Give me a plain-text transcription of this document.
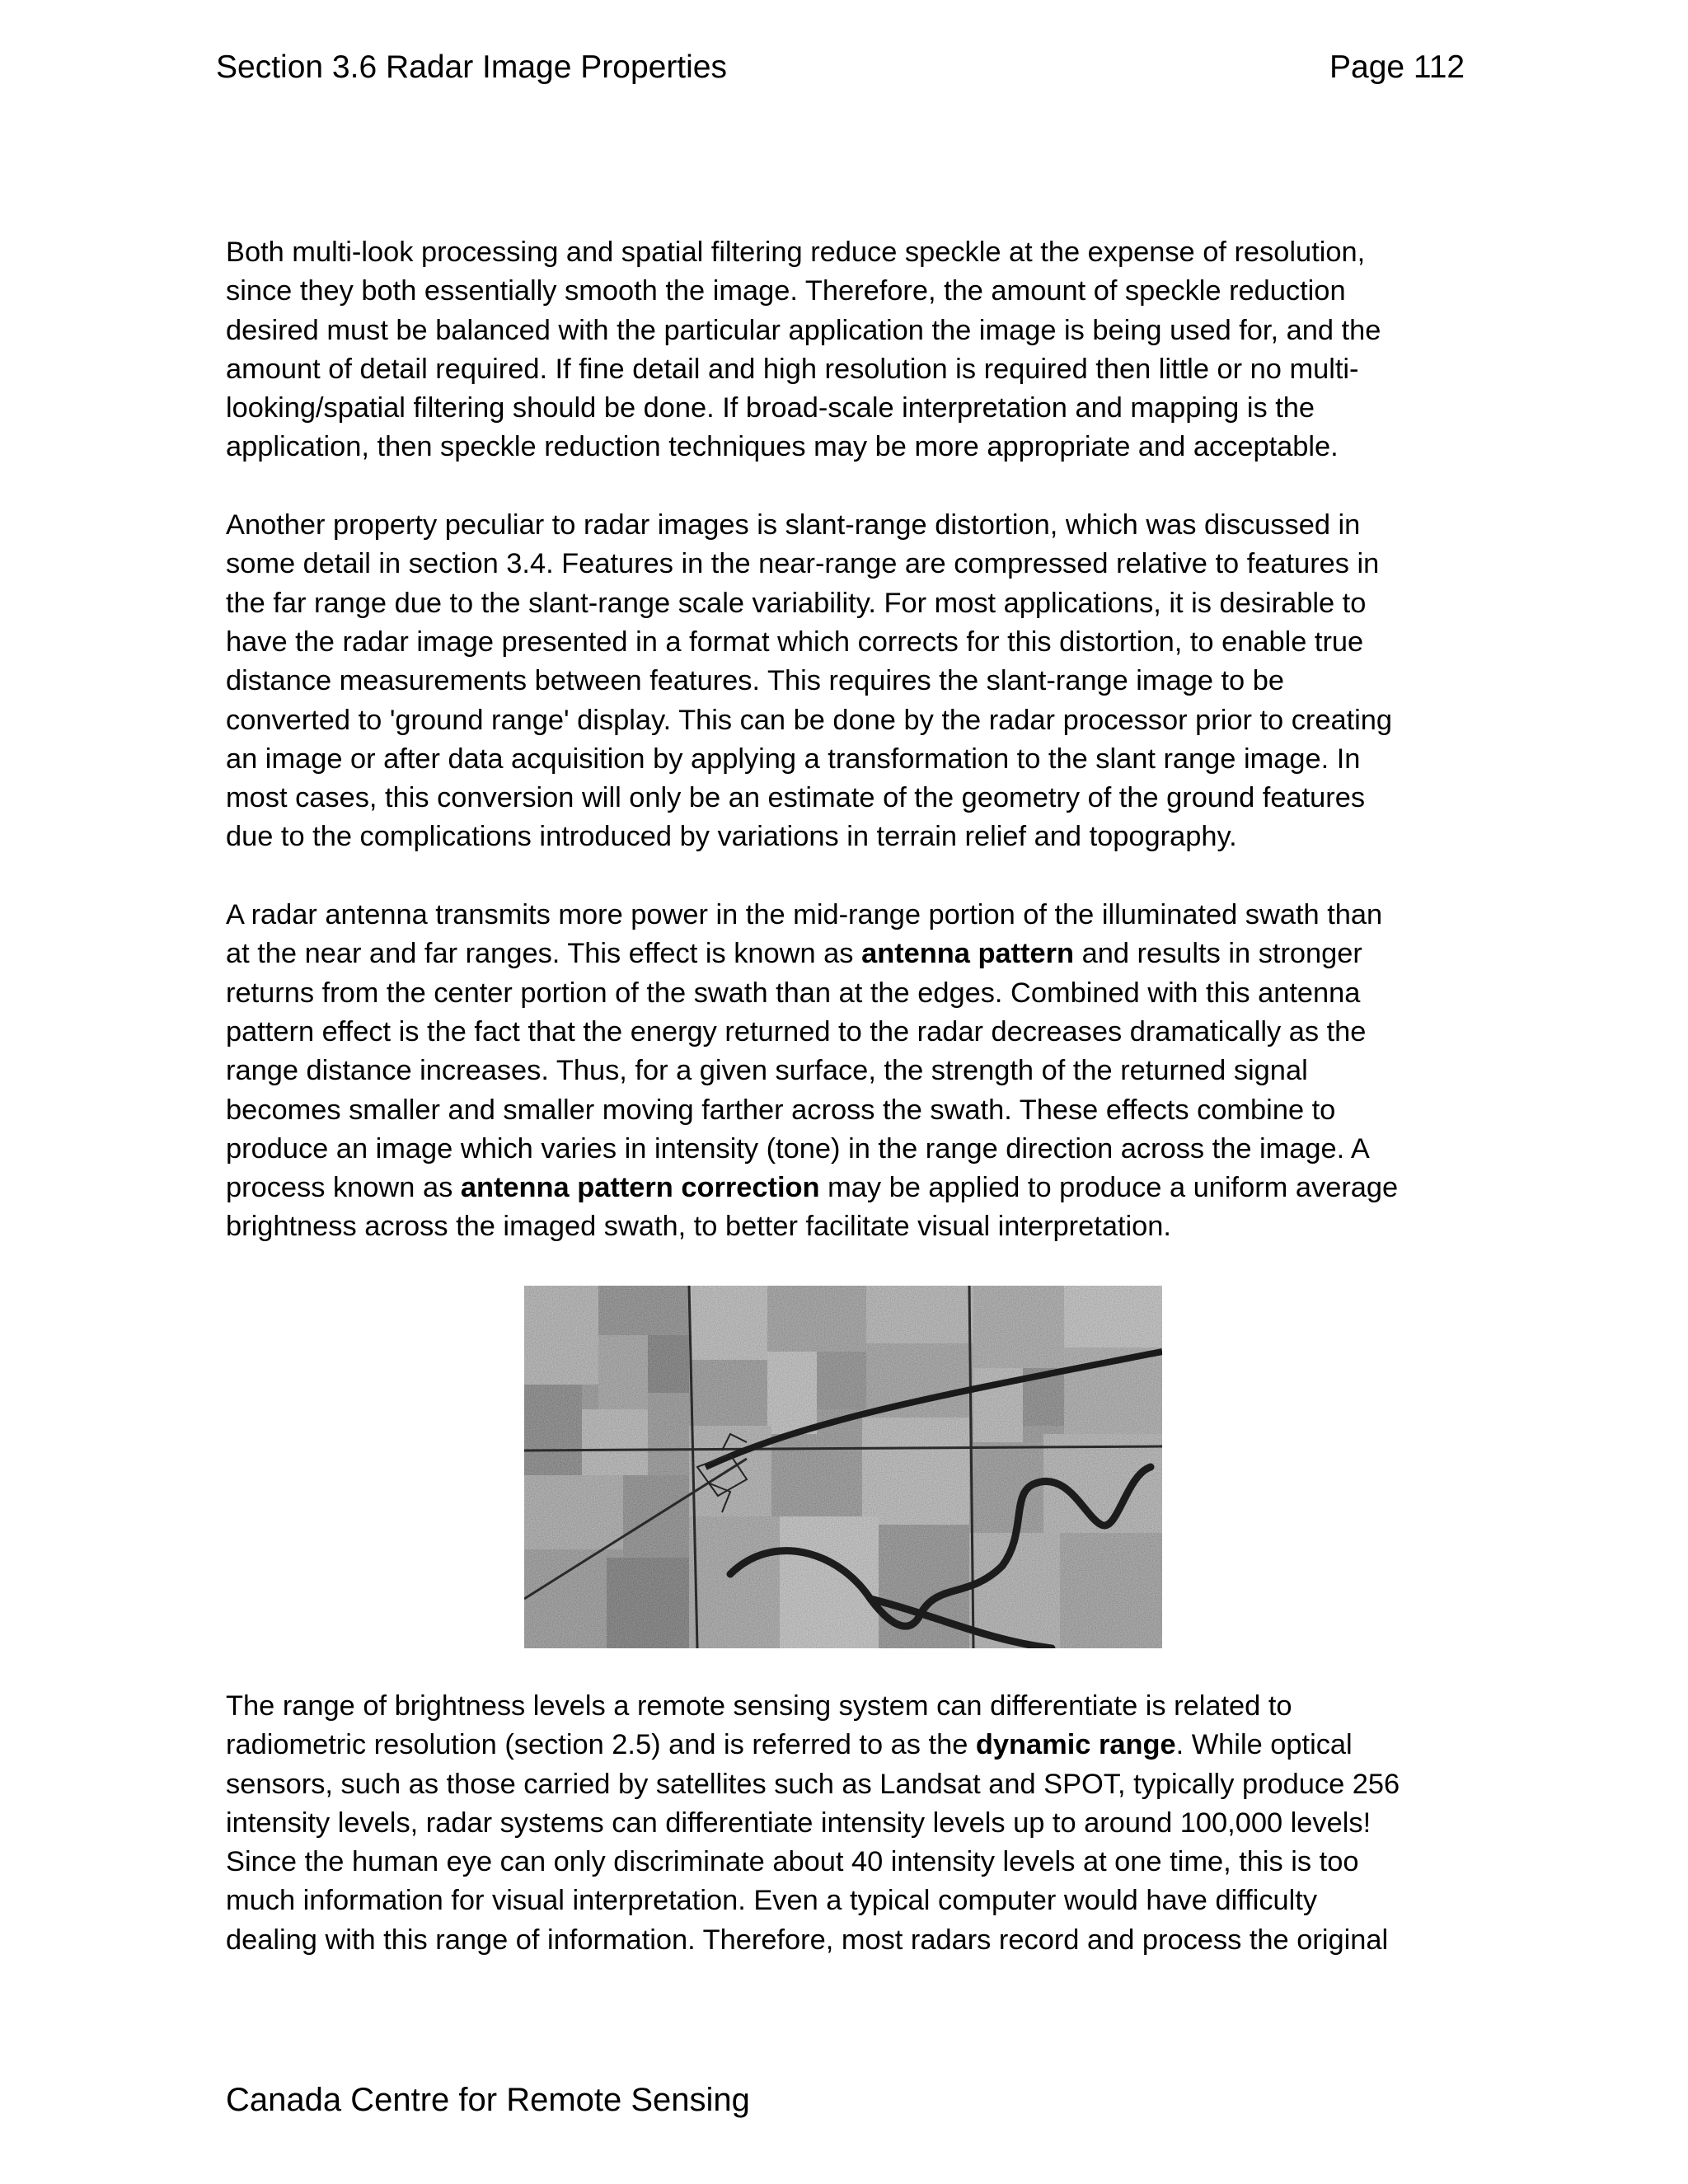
Section 3.6 Radar Image Properties	Page 112

Both multi-look processing and spatial filtering reduce speckle at the expense of resolution,
since they both essentially smooth the image. Therefore, the amount of speckle reduction
desired must be balanced with the particular application the image is being used for, and the
amount of detail required. If fine detail and high resolution is required then little or no multi-
looking/spatial filtering should be done. If broad-scale interpretation and mapping is the
application, then speckle reduction techniques may be more appropriate and acceptable.

Another property peculiar to radar images is slant-range distortion, which was discussed in
some detail in section 3.4. Features in the near-range are compressed relative to features in
the far range due to the slant-range scale variability. For most applications, it is desirable to
have the radar image presented in a format which corrects for this distortion, to enable true
distance measurements between features. This requires the slant-range image to be
converted to 'ground range' display. This can be done by the radar processor prior to creating
an image or after data acquisition by applying a transformation to the slant range image. In
most cases, this conversion will only be an estimate of the geometry of the ground features
due to the complications introduced by variations in terrain relief and topography.

A radar antenna transmits more power in the mid-range portion of the illuminated swath than
at the near and far ranges. This effect is known as antenna pattern and results in stronger
returns from the center portion of the swath than at the edges. Combined with this antenna
pattern effect is the fact that the energy returned to the radar decreases dramatically as the
range distance increases. Thus, for a given surface, the strength of the returned signal
becomes smaller and smaller moving farther across the swath. These effects combine to
produce an image which varies in intensity (tone) in the range direction across the image. A
process known as antenna pattern correction may be applied to produce a uniform average
brightness across the imaged swath, to better facilitate visual interpretation.

The range of brightness levels a remote sensing system can differentiate is related to
radiometric resolution (section 2.5) and is referred to as the dynamic range. While optical
sensors, such as those carried by satellites such as Landsat and SPOT, typically produce 256
intensity levels, radar systems can differentiate intensity levels up to around 100,000 levels!
Since the human eye can only discriminate about 40 intensity levels at one time, this is too
much information for visual interpretation. Even a typical computer would have difficulty
dealing with this range of information. Therefore, most radars record and process the original
Canada Centre for Remote Sensing
